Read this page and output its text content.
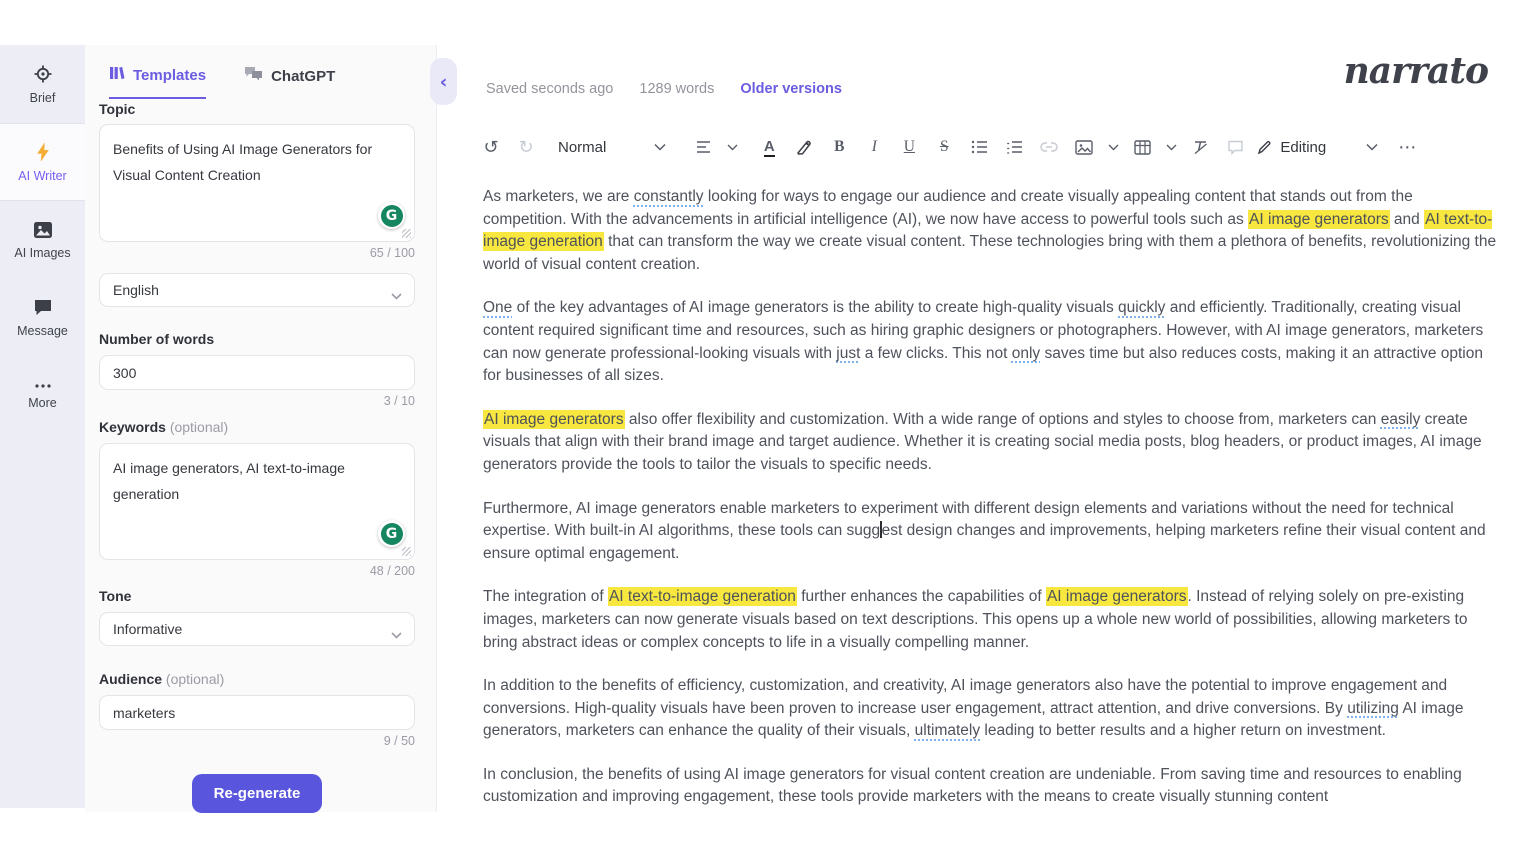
Brief
AI Writer
AI Images
Message
More
Templates	ChatGPT
Topic
Benefits of Using AI Image Generators for Visual Content Creation
G
65 / 100
English
Number of words
300
3 / 10
Keywords (optional)
AI image generators, AI text-to-image generation
G
48 / 200
Tone
Informative
Audience (optional)
marketers
9 / 50
Re-generate
‹	narrato
Saved seconds ago 1289 words Older versions
↺	↻	Normal	A	B I U S	Editing	⋯

As marketers, we are constantly looking for ways to engage our audience and create visually appealing content that stands out from the competition. With the advancements in artificial intelligence (AI), we now have access to powerful tools such as AI image generators and AI text-to-image generation that can transform the way we create visual content. These technologies bring with them a plethora of benefits, revolutionizing the world of visual content creation.

One of the key advantages of AI image generators is the ability to create high-quality visuals quickly and efficiently. Traditionally, creating visual content required significant time and resources, such as hiring graphic designers or photographers. However, with AI image generators, marketers can now generate professional-looking visuals with just a few clicks. This not only saves time but also reduces costs, making it an attractive option for businesses of all sizes.

AI image generators also offer flexibility and customization. With a wide range of options and styles to choose from, marketers can easily create visuals that align with their brand image and target audience. Whether it is creating social media posts, blog headers, or product images, AI image generators provide the tools to tailor the visuals to specific needs.

Furthermore, AI image generators enable marketers to experiment with different design elements and variations without the need for technical expertise. With built-in AI algorithms, these tools can suggest design changes and improvements, helping marketers refine their visual content and ensure optimal engagement.

The integration of AI text-to-image generation further enhances the capabilities of AI image generators. Instead of relying solely on pre-existing images, marketers can now generate visuals based on text descriptions. This opens up a whole new world of possibilities, allowing marketers to bring abstract ideas or complex concepts to life in a visually compelling manner.

In addition to the benefits of efficiency, customization, and creativity, AI image generators also have the potential to improve engagement and conversions. High-quality visuals have been proven to increase user engagement, attract attention, and drive conversions. By utilizing AI image generators, marketers can enhance the quality of their visuals, ultimately leading to better results and a higher return on investment.

In conclusion, the benefits of using AI image generators for visual content creation are undeniable. From saving time and resources to enabling customization and improving engagement, these tools provide marketers with the means to create visually stunning content
